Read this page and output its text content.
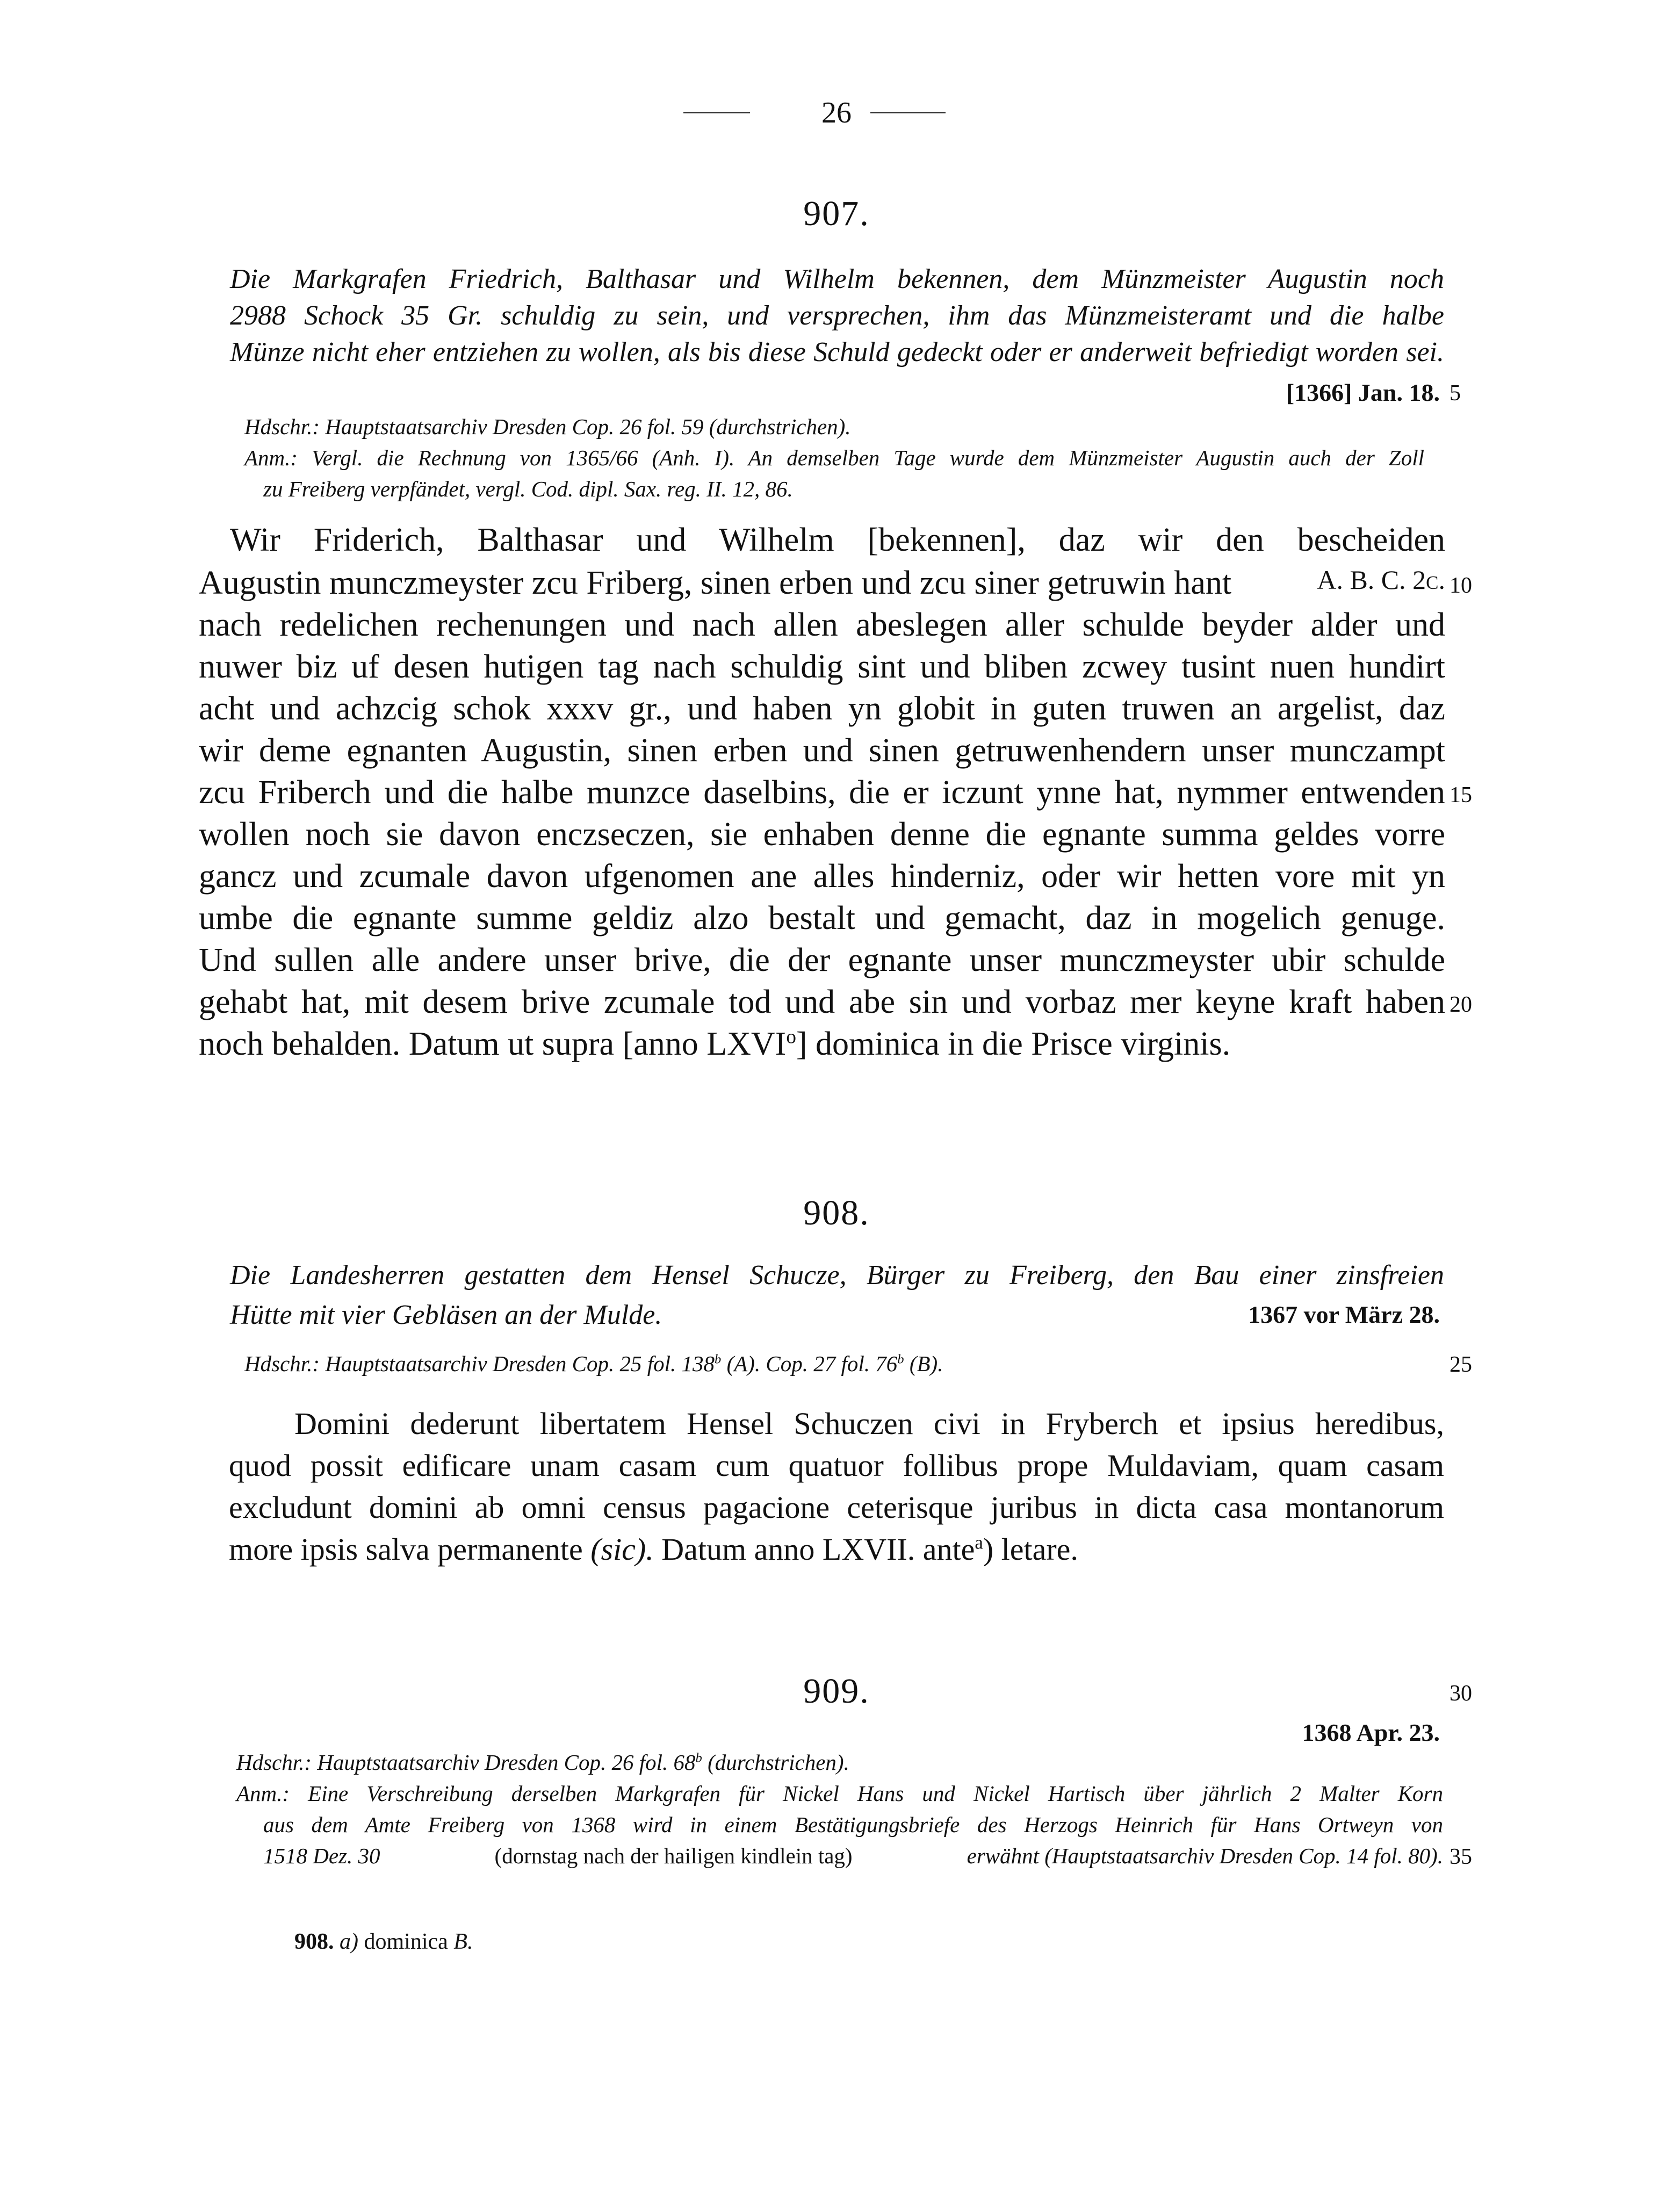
26
907.
Die Markgrafen Friedrich, Balthasar und Wilhelm bekennen, dem Münzmeister Augustin noch
2988 Schock 35 Gr. schuldig zu sein, und versprechen, ihm das Münzmeisteramt und die halbe
Münze nicht eher entziehen zu wollen, als bis diese Schuld gedeckt oder er anderweit befriedigt worden sei.
[1366] Jan. 18. 5
Hdschr.: Hauptstaatsarchiv Dresden Cop. 26 fol. 59 (durchstrichen).
Anm.: Vergl. die Rechnung von 1365/66 (Anh. I). An demselben Tage wurde dem Münzmeister Augustin auch der Zoll
zu Freiberg verpfändet, vergl. Cod. dipl. Sax. reg. II. 12, 86.
Wir Friderich, Balthasar und Wilhelm [bekennen], daz wir den bescheiden
Augustin munczmeyster zcu Friberg, sinen erben und zcu siner getruwin hant	A. B. C. 2c. 10
nach redelichen rechenungen und nach allen abeslegen aller schulde beyder alder und
nuwer biz uf desen hutigen tag nach schuldig sint und bliben zcwey tusint nuen hundirt
acht und achzcig schok xxxv gr., und haben yn globit in guten truwen an argelist, daz
wir deme egnanten Augustin, sinen erben und sinen getruwenhendern unser munczampt
zcu Friberch und die halbe munzce daselbins, die er iczunt ynne hat, nymmer entwenden 15
wollen noch sie davon enczseczen, sie enhaben denne die egnante summa geldes vorre
gancz und zcumale davon ufgenomen ane alles hinderniz, oder wir hetten vore mit yn
umbe die egnante summe geldiz alzo bestalt und gemacht, daz in mogelich genuge.
Und sullen alle andere unser brive, die der egnante unser munczmeyster ubir schulde
gehabt hat, mit desem brive zcumale tod und abe sin und vorbaz mer keyne kraft haben 20
noch behalden. Datum ut supra [anno LXVI$^o$] dominica in die Prisce virginis.
908.
Die Landesherren gestatten dem Hensel Schucze, Bürger zu Freiberg, den Bau einer zinsfreien
Hütte mit vier Gebläsen an der Mulde.	1367 vor März 28.
Hdschr.: Hauptstaatsarchiv Dresden Cop. 25 fol. 138$^b$ (A). Cop. 27 fol. 76$^b$ (B).	25
Domini dederunt libertatem Hensel Schuczen civi in Fryberch et ipsius heredibus,
quod possit edificare unam casam cum quatuor follibus prope Muldaviam, quam casam
excludunt domini ab omni census pagacione ceterisque juribus in dicta casa montanorum
more ipsis salva permanente (sic). Datum anno LXVII. ante$^a$) letare.
909.	30
1368 Apr. 23.
Hdschr.: Hauptstaatsarchiv Dresden Cop. 26 fol. 68$^b$ (durchstrichen).
Anm.: Eine Verschreibung derselben Markgrafen für Nickel Hans und Nickel Hartisch über jährlich 2 Malter Korn
aus dem Amte Freiberg von 1368 wird in einem Bestätigungsbriefe des Herzogs Heinrich für Hans Ortweyn von
1518 Dez. 30	(dornstag nach der hailigen kindlein tag)	erwähnt (Hauptstaatsarchiv Dresden Cop. 14 fol. 80). 35
908. a) dominica B.
